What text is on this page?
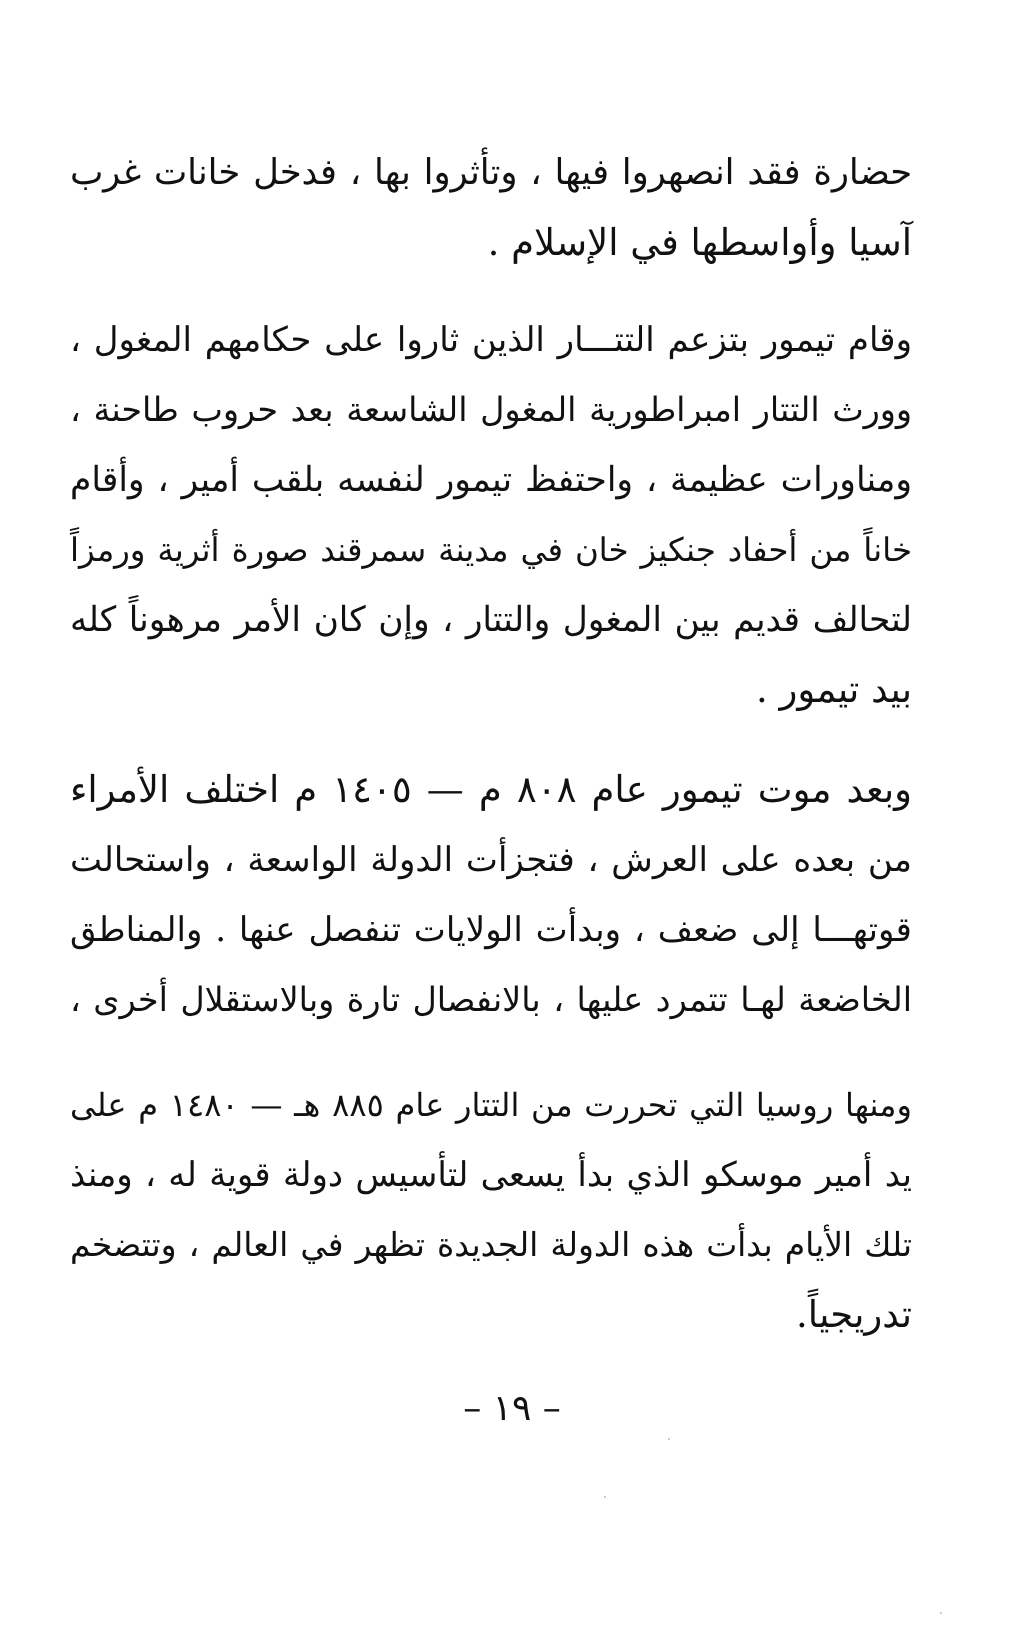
حضارة فقد انصهروا فيها ، وتأثروا بها ، فدخل خانات غرب
آسيا وأواسطها في الإسلام .
وقام تيمور بتزعم التتـــار الذين ثاروا على حكامهم المغول ،
وورث التتار امبراطورية المغول الشاسعة بعد حروب طاحنة ،
ومناورات عظيمة ، واحتفظ تيمور لنفسه بلقب أمير ، وأقام
خاناً من أحفاد جنكيز خان في مدينة سمرقند صورة أثرية ورمزاً
لتحالف قديم بين المغول والتتار ، وإن كان الأمر مرهوناً كله
بيد تيمور .
وبعد موت تيمور عام ٨٠٨ م — ١٤٠٥ م اختلف الأمراء
من بعده على العرش ، فتجزأت الدولة الواسعة ، واستحالت
قوتهـــا إلى ضعف ، وبدأت الولايات تنفصل عنها . والمناطق
الخاضعة لهـا تتمرد عليها ، بالانفصال تارة وبالاستقلال أخرى ،
ومنها روسيا التي تحررت من التتار عام ٨٨٥ هـ — ١٤٨٠ م على
يد أمير موسكو الذي بدأ يسعى لتأسيس دولة قوية له ، ومنذ
تلك الأيام بدأت هذه الدولة الجديدة تظهر في العالم ، وتتضخم
تدريجياً.
– ١٩ –
